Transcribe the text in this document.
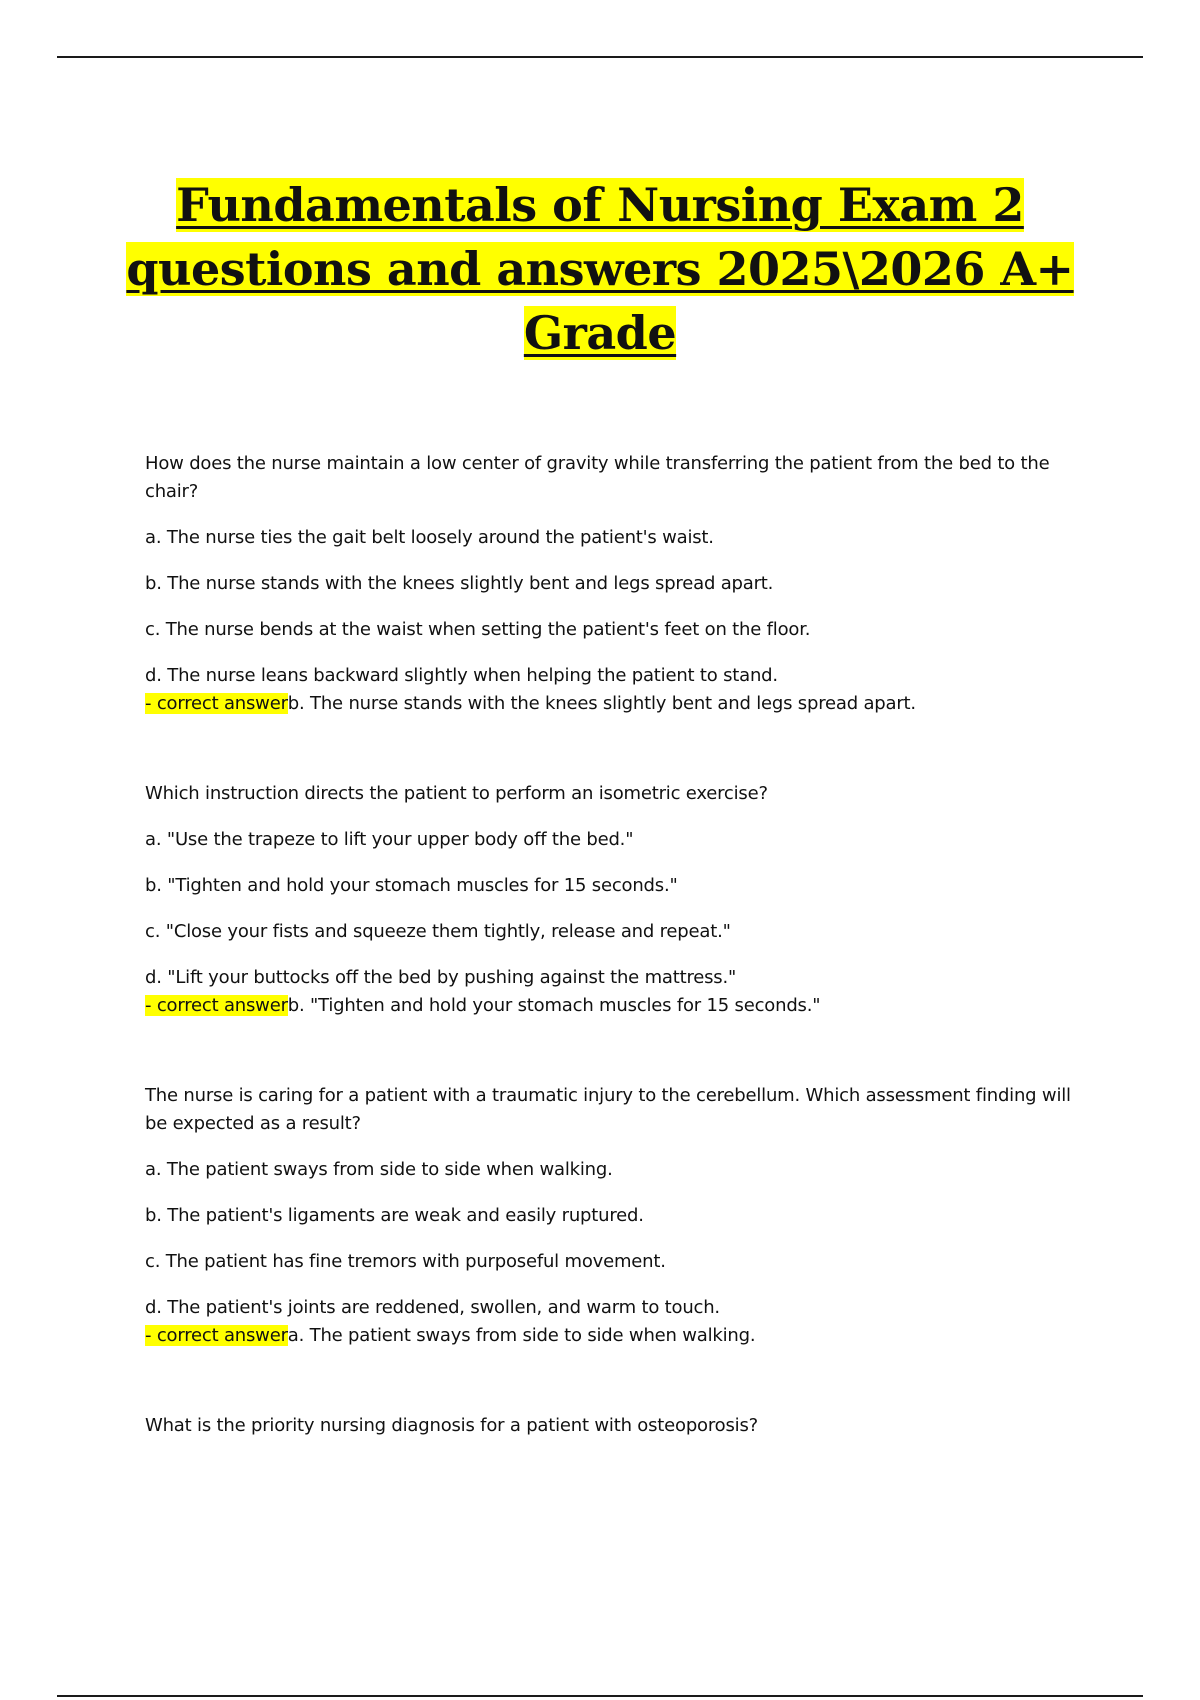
Fundamentals of Nursing Exam 2
questions and answers 2025\2026 A+
Grade

How does the nurse maintain a low center of gravity while transferring the patient from the bed to the chair?

a. The nurse ties the gait belt loosely around the patient's waist.

b. The nurse stands with the knees slightly bent and legs spread apart.

c. The nurse bends at the waist when setting the patient's feet on the floor.

d. The nurse leans backward slightly when helping the patient to stand.

- correct answerb. The nurse stands with the knees slightly bent and legs spread apart.

Which instruction directs the patient to perform an isometric exercise?

a. "Use the trapeze to lift your upper body off the bed."

b. "Tighten and hold your stomach muscles for 15 seconds."

c. "Close your fists and squeeze them tightly, release and repeat."

d. "Lift your buttocks off the bed by pushing against the mattress."

- correct answerb. "Tighten and hold your stomach muscles for 15 seconds."

The nurse is caring for a patient with a traumatic injury to the cerebellum. Which assessment finding will be expected as a result?

a. The patient sways from side to side when walking.

b. The patient's ligaments are weak and easily ruptured.

c. The patient has fine tremors with purposeful movement.

d. The patient's joints are reddened, swollen, and warm to touch.

- correct answera. The patient sways from side to side when walking.

What is the priority nursing diagnosis for a patient with osteoporosis?
